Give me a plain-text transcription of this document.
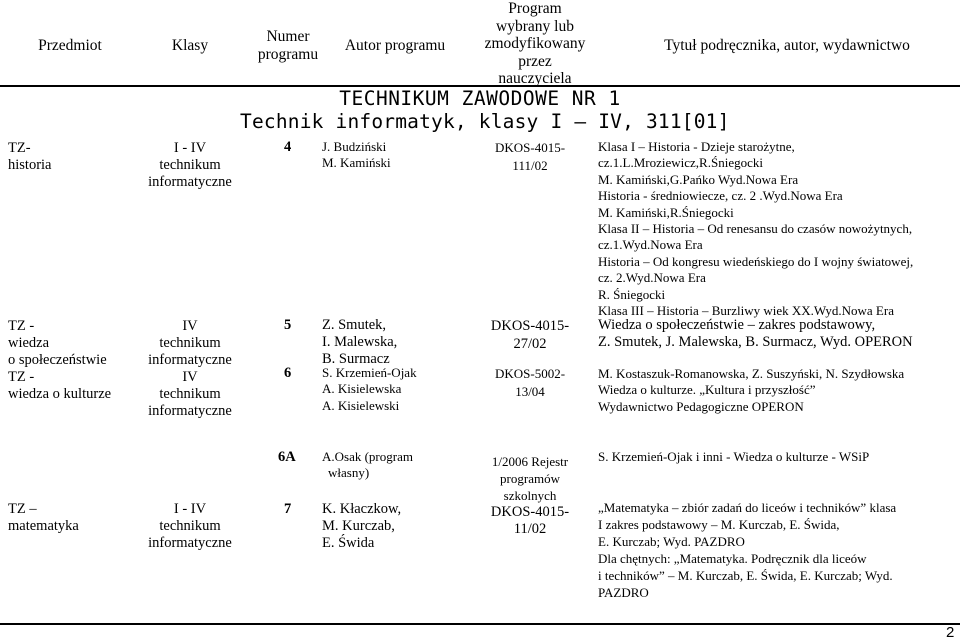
Przedmiot	Klasy
Numer
programu
Autor programu
Program
wybrany lub
zmodyfikowany
przez
nauczyciela
Tytuł podręcznika, autor, wydawnictwo
TECHNIKUM ZAWODOWE NR 1
Technik informatyk, klasy I – IV, 311[01]
TZ-
historia
I - IV
technikum
informatyczne
4 J. Budziński
M. Kamiński
DKOS-4015-
111/02
Klasa I – Historia - Dzieje starożytne,
cz.1.L.Mroziewicz,R.Śniegocki
M. Kamiński,G.Pańko Wyd.Nowa Era
Historia - średniowiecze, cz. 2 .Wyd.Nowa Era
M. Kamiński,R.Śniegocki
Klasa II – Historia – Od renesansu do czasów nowożytnych,
cz.1.Wyd.Nowa Era
Historia – Od kongresu wiedeńskiego do I wojny światowej,
cz. 2.Wyd.Nowa Era
R. Śniegocki
Klasa III – Historia – Burzliwy wiek XX.Wyd.Nowa Era
TZ -
wiedza
o społeczeństwie
TZ -
wiedza o kulturze
IV
technikum
informatyczne
IV
technikum
informatyczne
5 Z. Smutek,
I. Malewska,
B. Surmacz
6 S. Krzemień-Ojak
A. Kisielewska
A. Kisielewski
DKOS-4015-
27/02
DKOS-5002-
13/04
Wiedza o społeczeństwie – zakres podstawowy,
Z. Smutek, J. Malewska, B. Surmacz, Wyd. OPERON
M. Kostaszuk-Romanowska, Z. Suszyński, N. Szydłowska
Wiedza o kulturze. „Kultura i przyszłość”
Wydawnictwo Pedagogiczne OPERON
TZ –
matematyka
I - IV
technikum
informatyczne
6A A.Osak (program
własny)
7 K. Kłaczkow,
M. Kurczab,
E. Świda
1/2006 Rejestr
programów
szkolnych
DKOS-4015-
11/02
S. Krzemień-Ojak i inni - Wiedza o kulturze - WSiP
„Matematyka – zbiór zadań do liceów i techników” klasa
I zakres podstawowy – M. Kurczab, E. Świda,
E. Kurczab; Wyd. PAZDRO
Dla chętnych: „Matematyka. Podręcznik dla liceów
i techników” – M. Kurczab, E. Świda, E. Kurczab; Wyd.
PAZDRO
2
